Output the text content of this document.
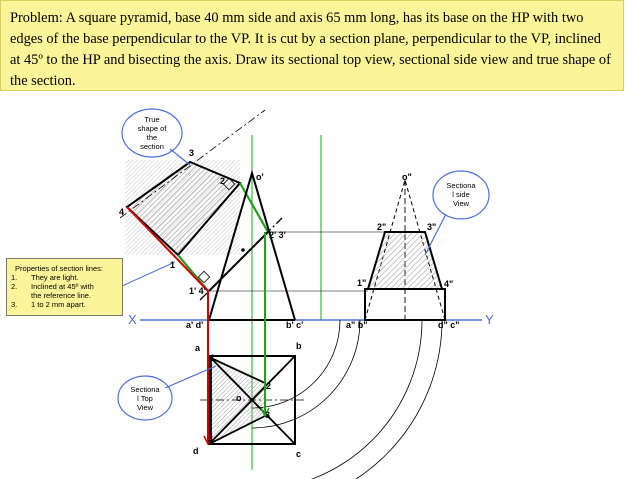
Problem: A square pyramid, base 40 mm side and axis 65 mm long, has its base on the HP with two edges of the base perpendicular to the VP. It is cut by a section plane, perpendicular to the VP, inclined at 45º to the HP and bisecting the axis. Draw its sectional top view, sectional side view and true shape of the section.
X	Y
o'
a' d'	b' c'
2' 3'
1' 4'
o"
a" b"	d" c"
1"
2"	3"
4"
a	b
c
d
o
1
2
3
4
1
2
3
4
True
shape of
the
section
Sectiona
l side
View
Sectiona
l Top
View
Properties of section lines:
1.	They are light.
2.	Inclined at 45º with
the reference line.
3.	1 to 2 mm apart.
